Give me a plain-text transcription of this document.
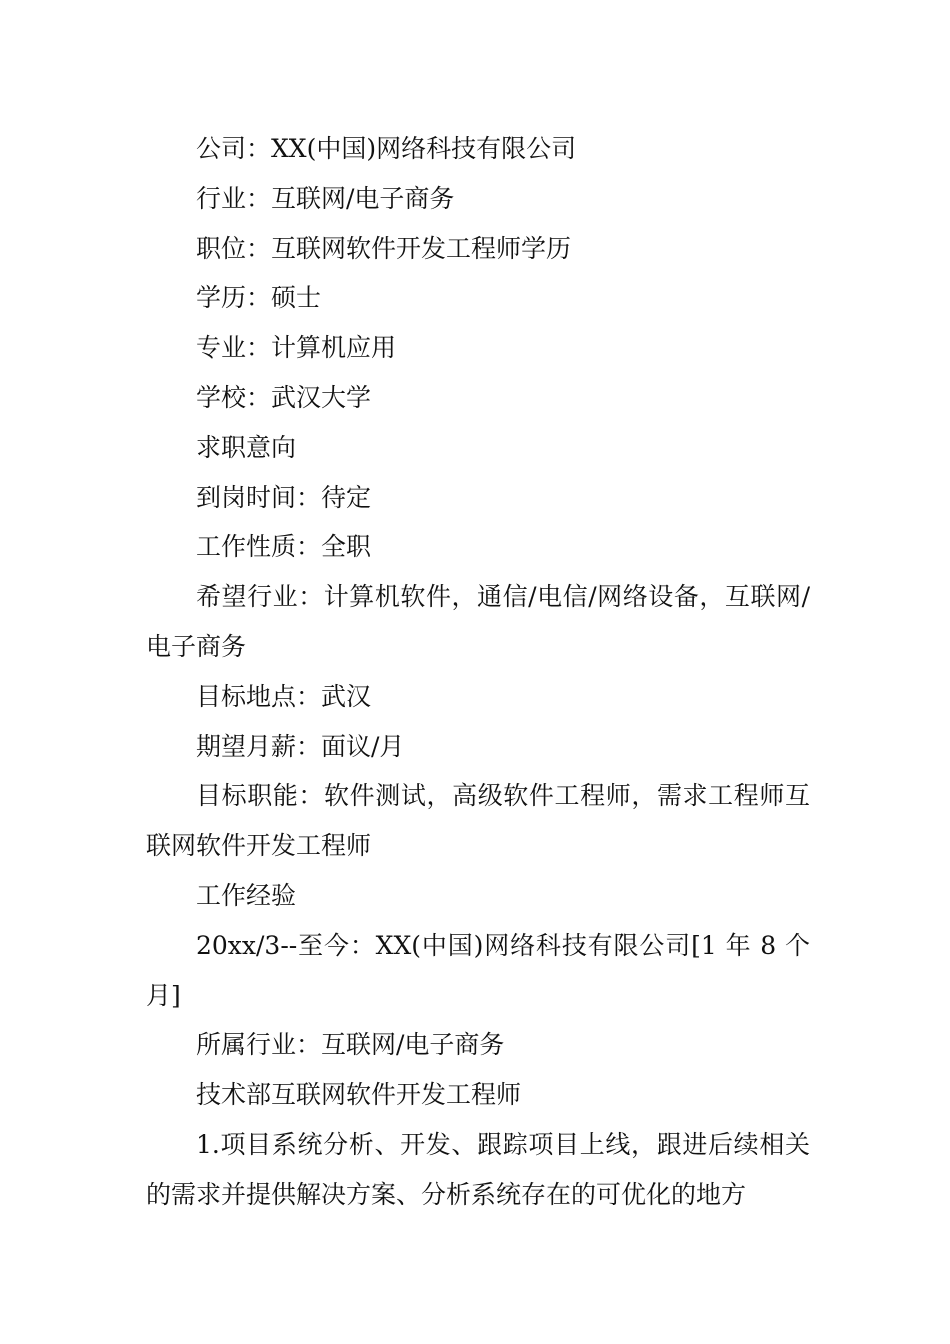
公司：XX(中国)网络科技有限公司

行业：互联网/电子商务

职位：互联网软件开发工程师学历

学历：硕士

专业：计算机应用

学校：武汉大学

求职意向

到岗时间：待定

工作性质：全职

希望行业：计算机软件，通信/电信/网络设备，互联网/电子商务

目标地点：武汉

期望月薪：面议/月

目标职能：软件测试，高级软件工程师，需求工程师互联网软件开发工程师

工作经验

20xx/3--至今：XX(中国)网络科技有限公司[1 年 8 个月]

所属行业：互联网/电子商务

技术部互联网软件开发工程师

1.项目系统分析、开发、跟踪项目上线，跟进后续相关的需求并提供解决方案、分析系统存在的可优化的地方
